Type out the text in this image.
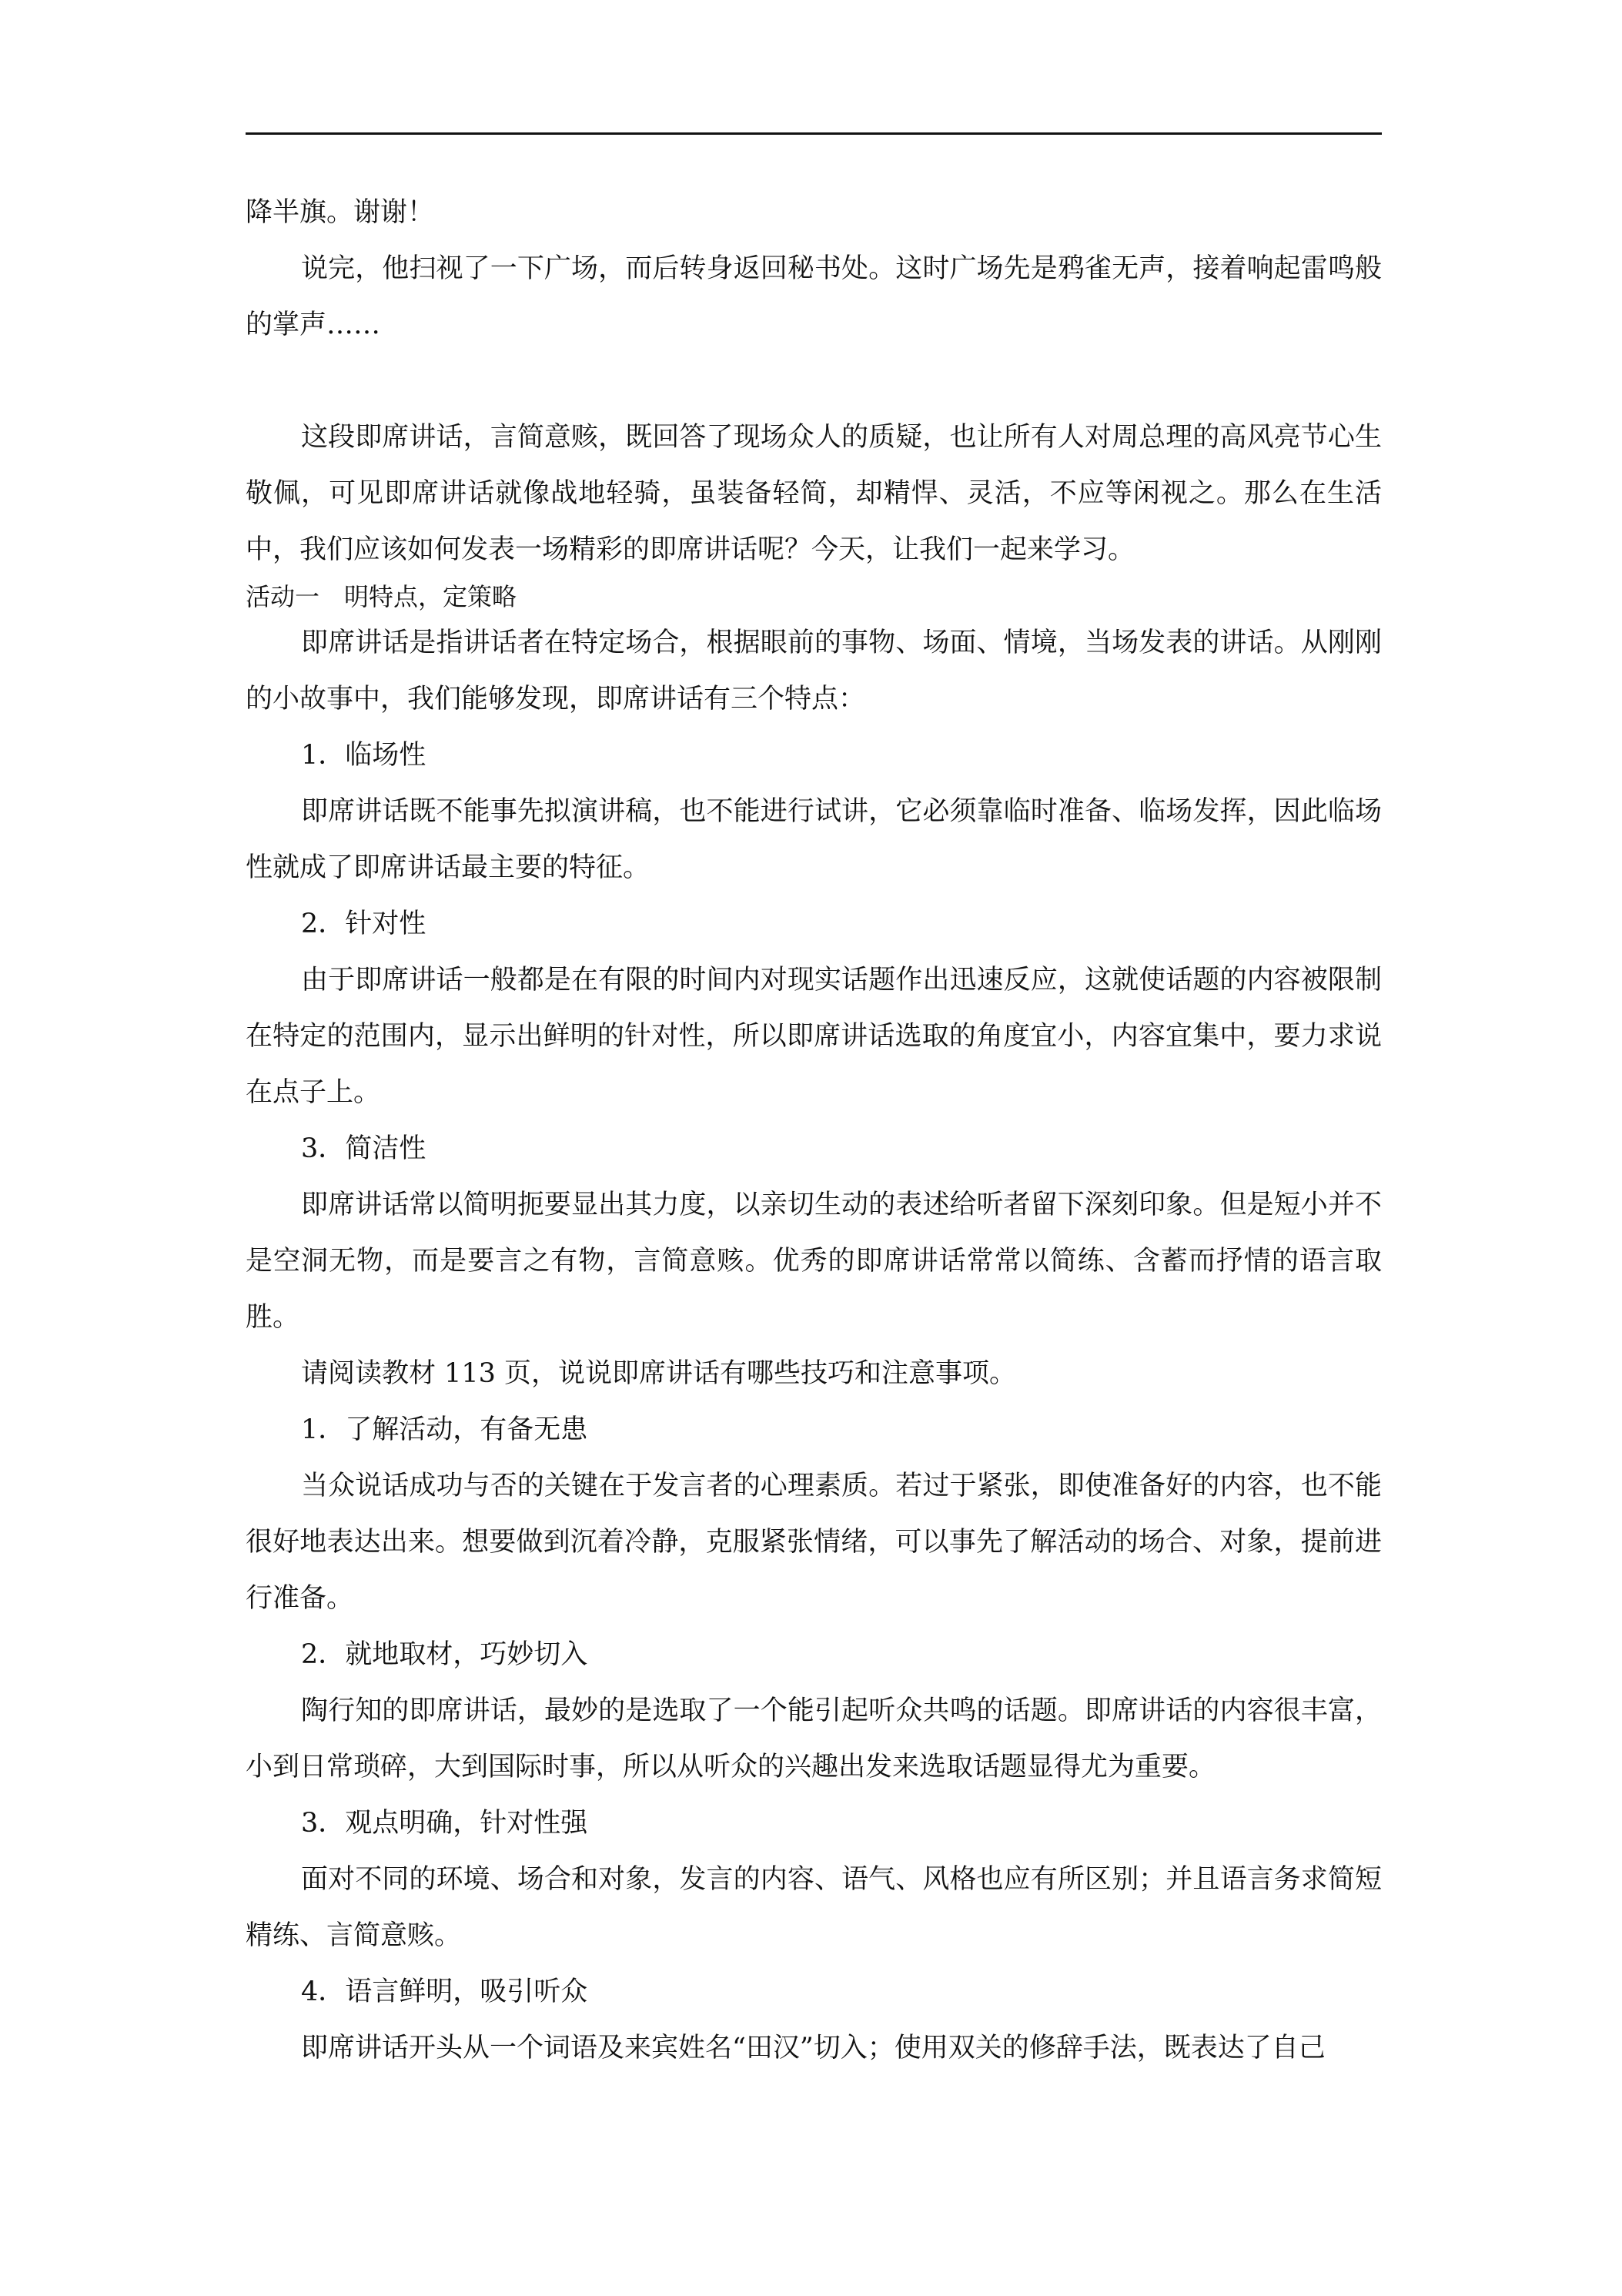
降半旗。谢谢！

说完，他扫视了一下广场，而后转身返回秘书处。这时广场先是鸦雀无声，接着响起雷鸣般的掌声……

这段即席讲话，言简意赅，既回答了现场众人的质疑，也让所有人对周总理的高风亮节心生敬佩，可见即席讲话就像战地轻骑，虽装备轻简，却精悍、灵活，不应等闲视之。那么在生活中，我们应该如何发表一场精彩的即席讲话呢？今天，让我们一起来学习。

活动一　明特点，定策略

即席讲话是指讲话者在特定场合，根据眼前的事物、场面、情境，当场发表的讲话。从刚刚的小故事中，我们能够发现，即席讲话有三个特点：

1．临场性

即席讲话既不能事先拟演讲稿，也不能进行试讲，它必须靠临时准备、临场发挥，因此临场性就成了即席讲话最主要的特征。

2．针对性

由于即席讲话一般都是在有限的时间内对现实话题作出迅速反应，这就使话题的内容被限制在特定的范围内，显示出鲜明的针对性，所以即席讲话选取的角度宜小，内容宜集中，要力求说在点子上。

3．简洁性

即席讲话常以简明扼要显出其力度，以亲切生动的表述给听者留下深刻印象。但是短小并不是空洞无物，而是要言之有物，言简意赅。优秀的即席讲话常常以简练、含蓄而抒情的语言取胜。

请阅读教材 113 页，说说即席讲话有哪些技巧和注意事项。

1．了解活动，有备无患

当众说话成功与否的关键在于发言者的心理素质。若过于紧张，即使准备好的内容，也不能很好地表达出来。想要做到沉着冷静，克服紧张情绪，可以事先了解活动的场合、对象，提前进行准备。

2．就地取材，巧妙切入

陶行知的即席讲话，最妙的是选取了一个能引起听众共鸣的话题。即席讲话的内容很丰富，小到日常琐碎，大到国际时事，所以从听众的兴趣出发来选取话题显得尤为重要。

3．观点明确，针对性强

面对不同的环境、场合和对象，发言的内容、语气、风格也应有所区别；并且语言务求简短精练、言简意赅。

4．语言鲜明，吸引听众

即席讲话开头从一个词语及来宾姓名“田汉”切入；使用双关的修辞手法，既表达了自己
